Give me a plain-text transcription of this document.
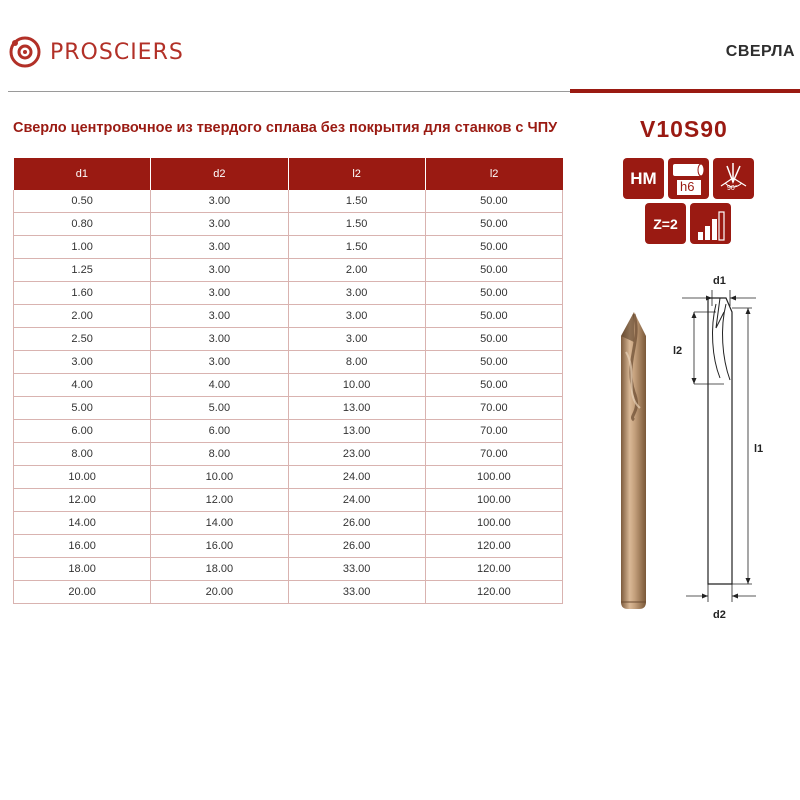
PROSCIERS	СВЕРЛА
Сверло центровочное из твердого сплава без покрытия для станков с ЧПУ	V10S90
d1	d2	l2	l2
0.50	3.00	1.50	50.00
0.80	3.00	1.50	50.00
1.00	3.00	1.50	50.00
1.25	3.00	2.00	50.00
1.60	3.00	3.00	50.00
2.00	3.00	3.00	50.00
2.50	3.00	3.00	50.00
3.00	3.00	8.00	50.00
4.00	4.00	10.00	50.00
5.00	5.00	13.00	70.00
6.00	6.00	13.00	70.00
8.00	8.00	23.00	70.00
10.00	10.00	24.00	100.00
12.00	12.00	24.00	100.00
14.00	14.00	26.00	100.00
16.00	16.00	26.00	120.00
18.00	18.00	33.00	120.00
20.00	20.00	33.00	120.00
HM h6	90°
Z=2
d1
l2
l1
d2
